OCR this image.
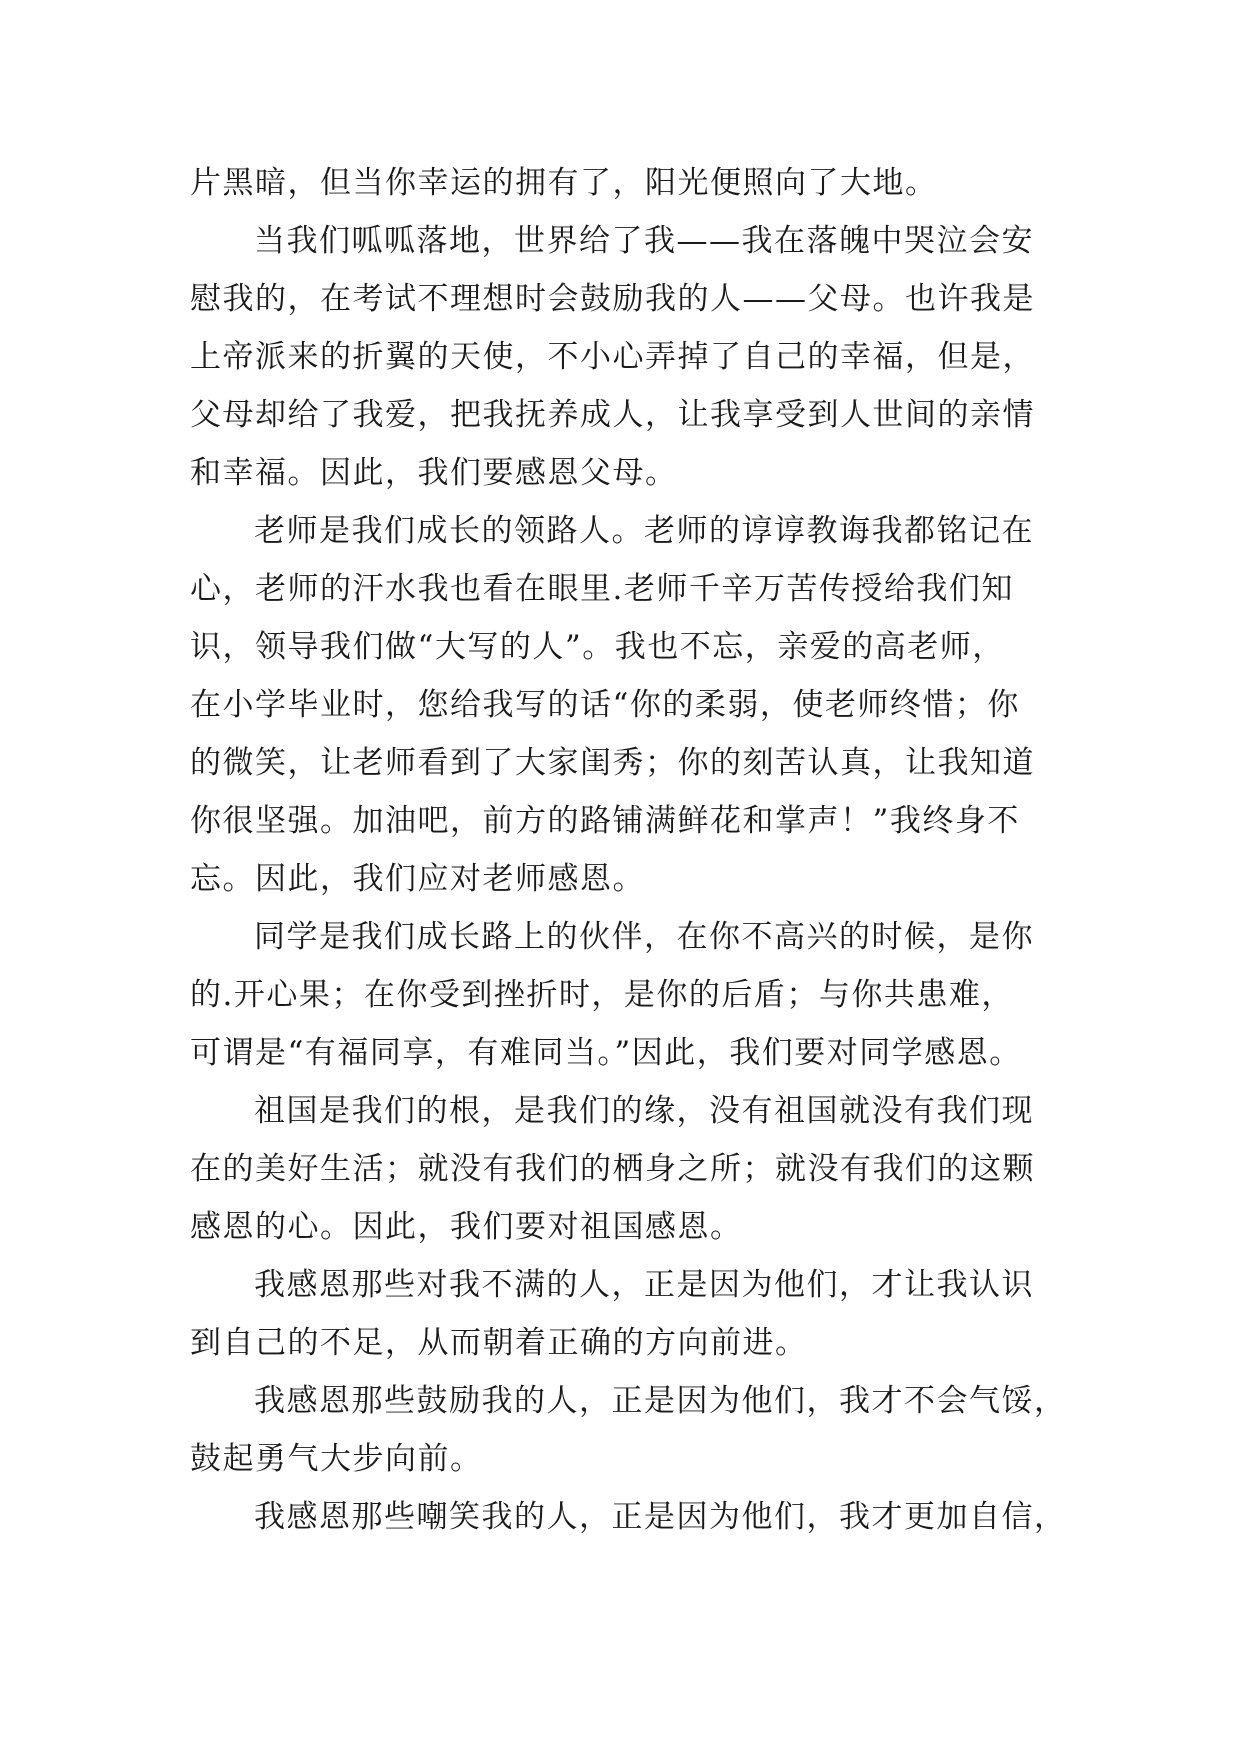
片黑暗，但当你幸运的拥有了，阳光便照向了大地。

当我们呱呱落地，世界给了我——我在落魄中哭泣会安
慰我的，在考试不理想时会鼓励我的人——父母。也许我是
上帝派来的折翼的天使，不小心弄掉了自己的幸福，但是，
父母却给了我爱，把我抚养成人，让我享受到人世间的亲情
和幸福。因此，我们要感恩父母。

老师是我们成长的领路人。老师的谆谆教诲我都铭记在
心，老师的汗水我也看在眼里.老师千辛万苦传授给我们知
识，领导我们做“大写的人”。我也不忘，亲爱的高老师，
在小学毕业时，您给我写的话“你的柔弱，使老师终惜；你
的微笑，让老师看到了大家闺秀；你的刻苦认真，让我知道
你很坚强。加油吧，前方的路铺满鲜花和掌声！”我终身不
忘。因此，我们应对老师感恩。

同学是我们成长路上的伙伴，在你不高兴的时候，是你
的.开心果；在你受到挫折时，是你的后盾；与你共患难，
可谓是“有福同享，有难同当。”因此，我们要对同学感恩。

祖国是我们的根，是我们的缘，没有祖国就没有我们现
在的美好生活；就没有我们的栖身之所；就没有我们的这颗
感恩的心。因此，我们要对祖国感恩。

我感恩那些对我不满的人，正是因为他们，才让我认识
到自己的不足，从而朝着正确的方向前进。

我感恩那些鼓励我的人，正是因为他们，我才不会气馁，
鼓起勇气大步向前。

我感恩那些嘲笑我的人，正是因为他们，我才更加自信，
